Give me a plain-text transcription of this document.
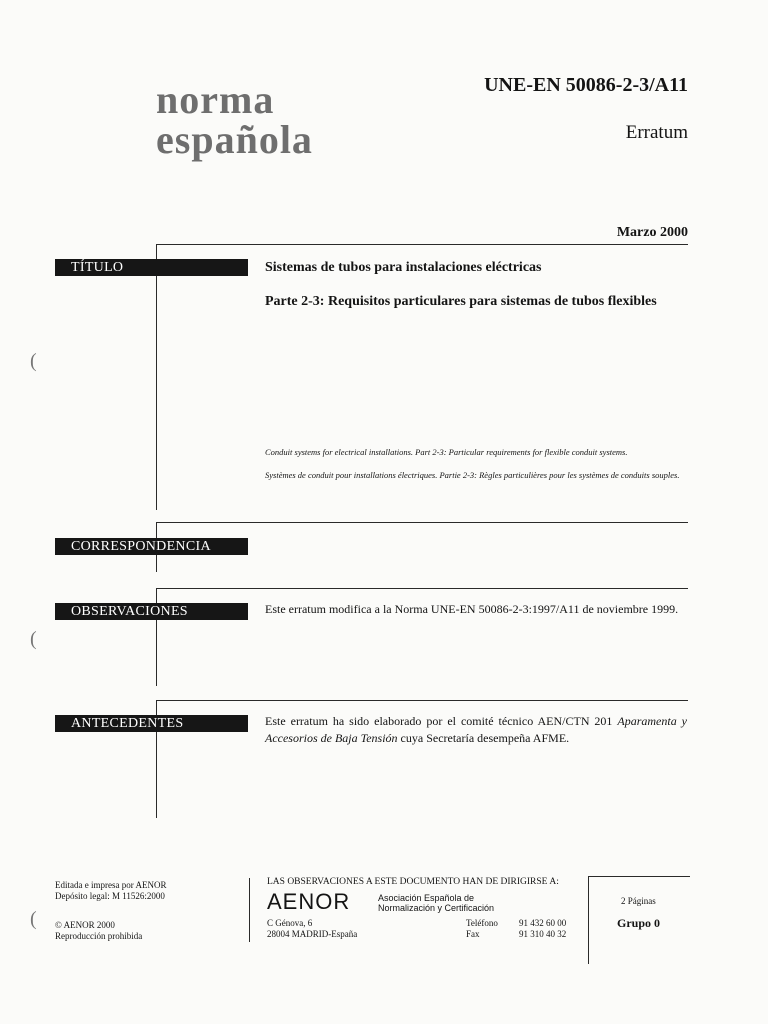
norma
española
UNE-EN 50086-2-3/A11
Erratum
Marzo 2000
(
(
(
TÍTULO	Sistemas de tubos para instalaciones eléctricas
Parte 2-3: Requisitos particulares para sistemas de tubos flexibles
Conduit systems for electrical installations. Part 2-3: Particular requirements for flexible conduit systems.
Systèmes de conduit pour installations électriques. Partie 2-3: Règles particulières pour les systèmes de conduits souples.
CORRESPONDENCIA
OBSERVACIONES	Este erratum modifica a la Norma UNE-EN 50086-2-3:1997/A11 de noviembre 1999.
ANTECEDENTES	Este erratum ha sido elaborado por el comité técnico AEN/CTN 201 Aparamenta y Accesorios de Baja Tensión cuya Secretaría desempeña AFME.
Editada e impresa por AENOR
Depósito legal: M 11526:2000
© AENOR 2000
Reproducción prohibida
LAS OBSERVACIONES A ESTE DOCUMENTO HAN DE DIRIGIRSE A:
AENOR	Asociación Española de
Normalización y Certificación
C Génova, 6
28004 MADRID-España
Teléfono 91 432 60 00
Fax	91 310 40 32
2 Páginas
Grupo 0
